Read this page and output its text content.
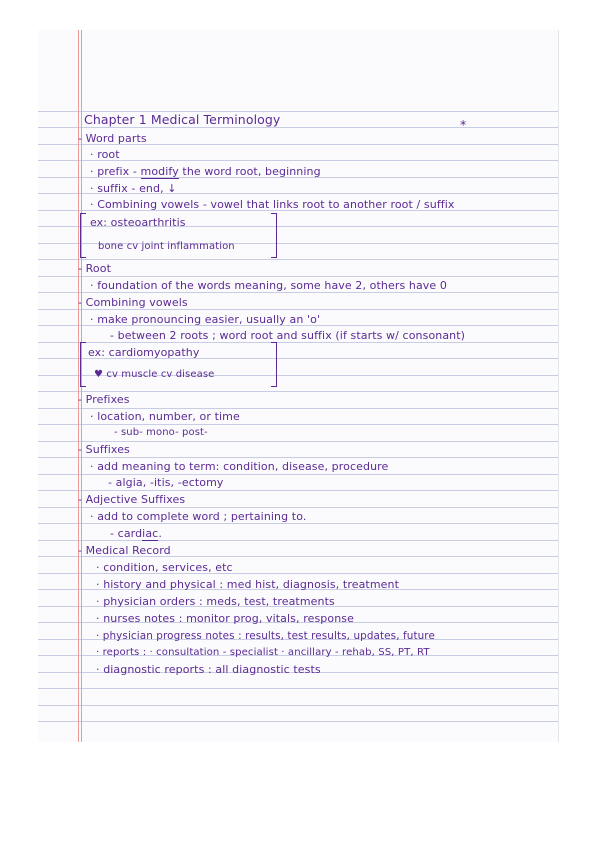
Chapter 1 Medical Terminology	*
- Word parts
· root
· prefix - modify the word root, beginning
· suffix - end, ↓
· Combining vowels - vowel that links root to another root / suffix
ex: osteoarthritis
bone cv joint inflammation
- Root
· foundation of the words meaning, some have 2, others have 0
- Combining vowels
· make pronouncing easier, usually an 'o'
- between 2 roots ; word root and suffix (if starts w/ consonant)
ex: cardiomyopathy
♥ cv muscle cv disease
- Prefixes
· location, number, or time
- sub- mono- post-
- Suffixes
· add meaning to term: condition, disease, procedure
- algia, -itis, -ectomy
- Adjective Suffixes
· add to complete word ; pertaining to.
- cardiac.
- Medical Record
· condition, services, etc
· history and physical : med hist, diagnosis, treatment
· physician orders : meds, test, treatments
· nurses notes : monitor prog, vitals, response
· physician progress notes : results, test results, updates, future
· reports : · consultation - specialist · ancillary - rehab, SS, PT, RT
· diagnostic reports : all diagnostic tests
